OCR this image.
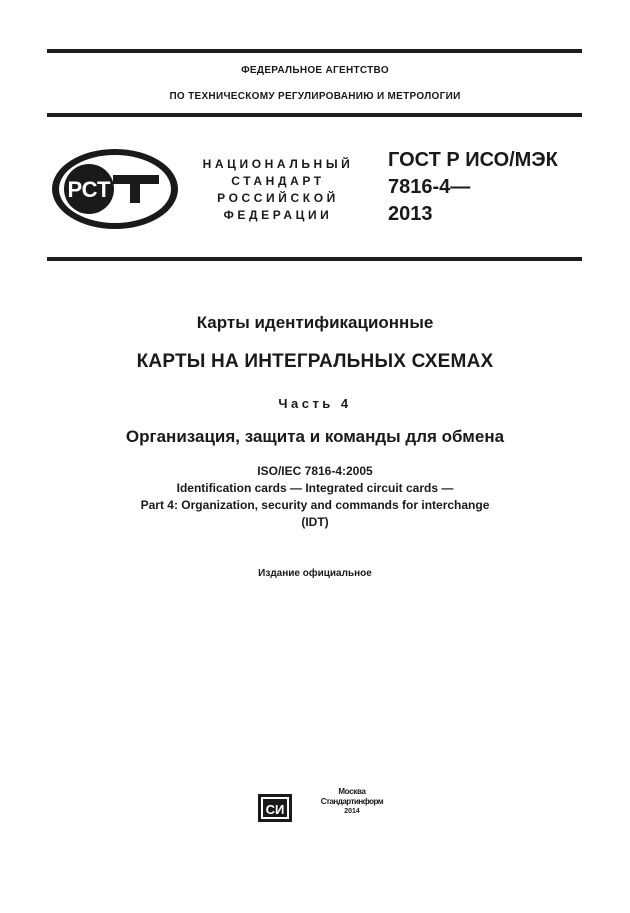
ФЕДЕРАЛЬНОЕ АГЕНТСТВО
ПО ТЕХНИЧЕСКОМУ РЕГУЛИРОВАНИЮ И МЕТРОЛОГИИ
РСТ
НАЦИОНАЛЬНЫЙ
СТАНДАРТ
РОССИЙСКОЙ
ФЕДЕРАЦИИ
ГОСТ Р ИСО/МЭК
7816-4—
2013
Карты идентификационные
КАРТЫ НА ИНТЕГРАЛЬНЫХ СХЕМАХ
Часть 4
Организация, защита и команды для обмена
ISO/IEC 7816-4:2005
Identification cards — Integrated circuit cards —
Part 4: Organization, security and commands for interchange
(IDT)
Издание официальное
СИ
Москва
Стандартинформ
2014
